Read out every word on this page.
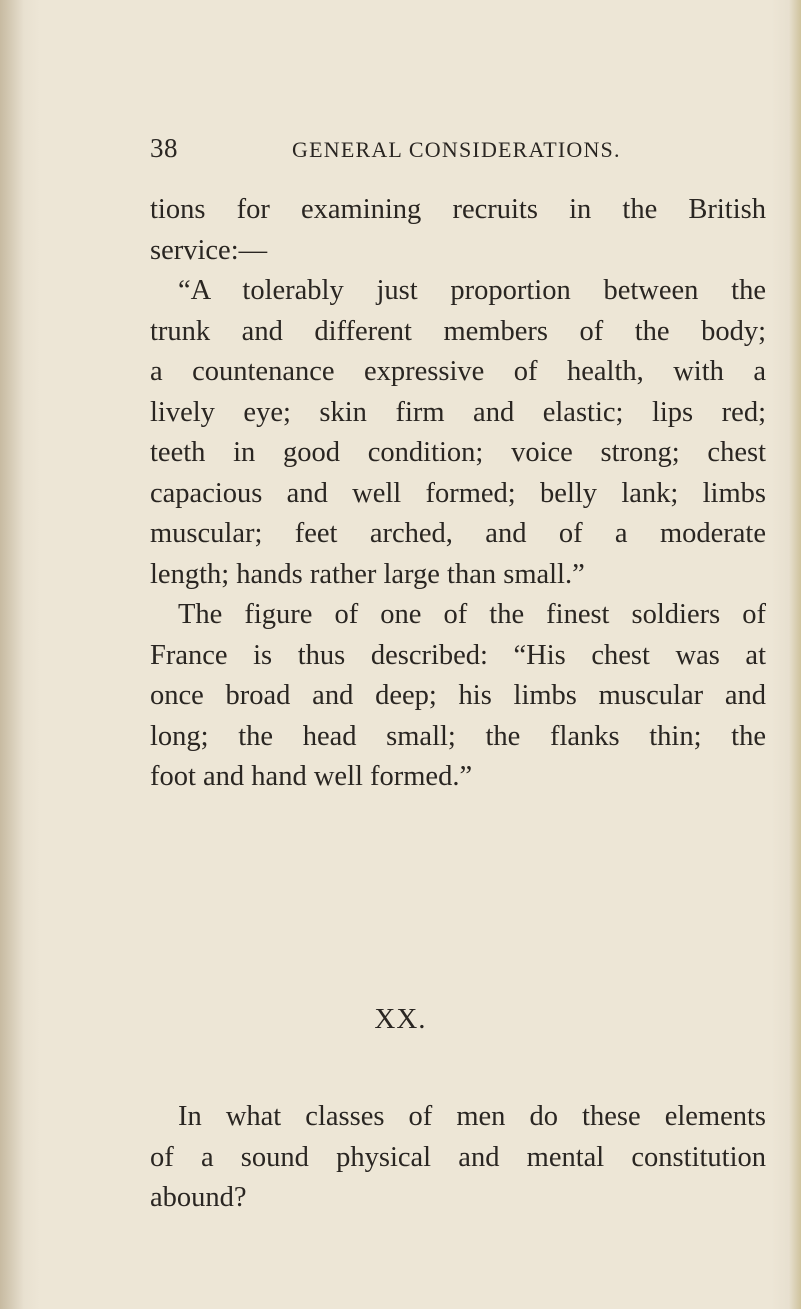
38	GENERAL CONSIDERATIONS.
tions for examining recruits in the British
service:—
“A tolerably just proportion between the
trunk and different members of the body;
a countenance expressive of health, with a
lively eye; skin firm and elastic; lips red;
teeth in good condition; voice strong; chest
capacious and well formed; belly lank; limbs
muscular; feet arched, and of a moderate
length; hands rather large than small.”
The figure of one of the finest soldiers of
France is thus described: “His chest was at
once broad and deep; his limbs muscular and
long; the head small; the flanks thin; the
foot and hand well formed.”
XX.
In what classes of men do these elements
of a sound physical and mental constitution
abound?
